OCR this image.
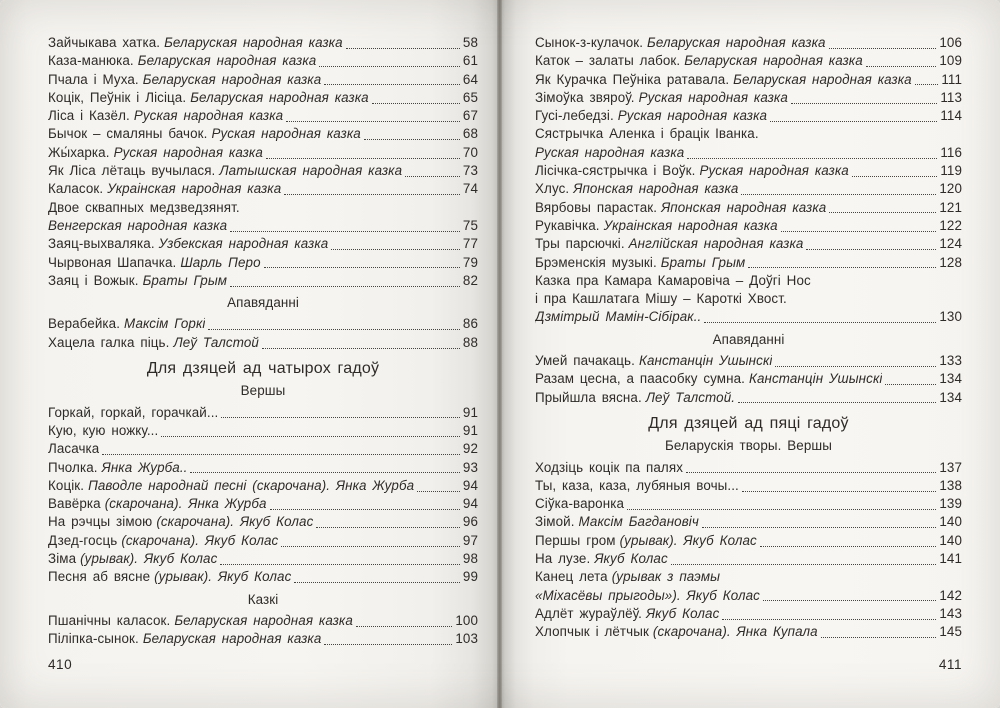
Зайчыкава хатка. Беларуская народная казка	58
Каза-манюка. Беларуская народная казка	61
Пчала і Муха. Беларуская народная казка	64
Коцік, Пеўнік і Лісіца. Беларуская народная казка	65
Ліса і Казёл. Руская народная казка	67
Бычок – смаляны бачок. Руская народная казка	68
Жы́харка. Руская народная казка	70
Як Ліса лётаць вучылася. Латышская народная казка	73
Каласок. Украінская народная казка	74
Двое сквапных медзведзянят.
Венгерская народная казка	75
Заяц-выхваляка. Узбекская народная казка	77
Чырвоная Шапачка. Шарль Перо	79
Заяц і Вожык. Браты Грым	82
Апавяданні
Верабейка. Максім Горкі	86
Хацела галка піць. Леў Талстой	88
Для дзяцей ад чатырох гадоў
Вершы
Горкай, горкай, горачкай...	91
Кую, кую ножку...	91
Ласачка	92
Пчолка. Янка Журба..	93
Коцік. Паводле народнай песні (скарочана). Янка Журба	94
Вавёрка (скарочана). Янка Журба	94
На рэчцы зімою (скарочана). Якуб Колас	96
Дзед-госць (скарочана). Якуб Колас	97
Зіма (урывак). Якуб Колас	98
Песня аб вясне (урывак). Якуб Колас	99
Казкі
Пшанічны каласок. Беларуская народная казка	100
Піліпка-сынок. Беларуская народная казка	103
410
Сынок-з-кулачок. Беларуская народная казка	106
Каток – залаты лабок. Беларуская народная казка	109
Як Курачка Пеўніка ратавала. Беларуская народная казка 111
Зімоўка звяроў. Руская народная казка	113
Гусі-лебедзі. Руская народная казка	114
Сястрычка Аленка і брацік Іванка.
Руская народная казка	116
Лісічка-сястрычка і Воўк. Руская народная казка	119
Хлус. Японская народная казка	120
Вярбовы парастак. Японская народная казка	121
Рукавічка. Украінская народная казка	122
Тры парсючкі. Англійская народная казка	124
Брэменскія музыкі. Браты Грым	128
Казка пра Камара Камаровіча – Доўгі Нос
і пра Кашлатага Мішу – Кароткі Хвост.
Дзмітрый Мамін-Сібірак..	130
Апавяданні
Умей пачакаць. Канстанцін Ушынскі	133
Разам цесна, а паасобку сумна. Канстанцін Ушынскі	134
Прыйшла вясна. Леў Талстой.	134
Для дзяцей ад пяці гадоў
Беларускія творы. Вершы
Ходзіць коцік па палях	137
Ты, каза, каза, лубяныя вочы...	138
Сіўка-варонка	139
Зімой. Максім Багдановіч	140
Першы гром (урывак). Якуб Колас	140
На лузе. Якуб Колас	141
Канец лета (урывак з паэмы
«Міхасёвы прыгоды»). Якуб Колас	142
Адлёт жураўлёў. Якуб Колас	143
Хлопчык і лётчык (скарочана). Янка Купала	145
411
